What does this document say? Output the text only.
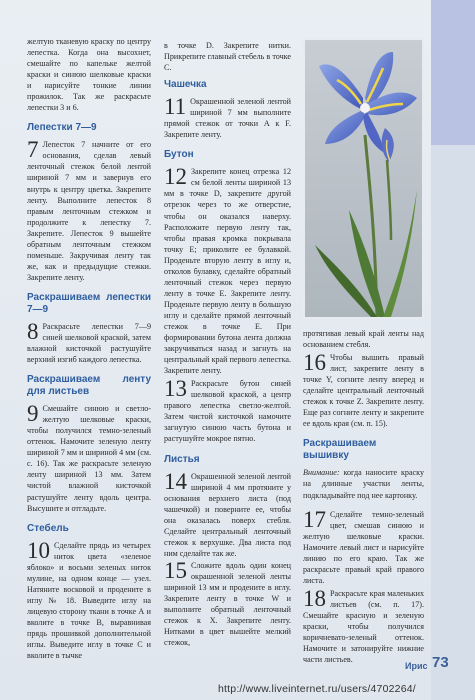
желтую тканевую краску по центру лепестка. Когда она высохнет, смешайте по капельке желтой краски и синюю шелковые краски и нарисуйте тонкие линии прожилок. Так же раскрасьте лепестки 3 и 6.

Лепестки 7—9
7 Лепесток 7 начните от его основания, сделав левый ленточный стежок белой лентой шириной 7 мм и завернув его внутрь к центру цветка. Закрепите ленту. Выполните лепесток 8 правым ленточным стежком и продолжите к лепестку 7. Закрепите. Лепесток 9 вышейте обратным ленточным стежком поменьше. Закручивая ленту так же, как и предыдущие стежки. Закрепите ленту.

Раскрашиваем лепестки 7—9
8 Раскрасьте лепестки 7—9 синей шелковой краской, затем влажной кисточкой растушуйте верхний изгиб каждого лепестка.

Раскрашиваем ленту для листьев
9 Смешайте синюю и светло-желтую шелковые краски, чтобы получился темно-зеленый оттенок. Намочите зеленую ленту шириной 7 мм и шириной 4 мм (см. с. 16). Так же раскрасьте зеленую ленту шириной 13 мм. Затем чистой влажной кисточкой растушуйте ленту вдоль центра. Высушите и отгладьте.

Стебель
10 Сделайте прядь из четырех ниток цвета «зеленое яблоко» и восьми зеленых ниток мулине, на одном конце — узел. Натяните восковой и продените в иглу № 18. Выведите иглу на лицевую сторону ткани в точке А и вколите в точке В, выравнивая прядь прошивкой дополнительной иглы. Выведите иглу в точке С и вколите в тычке

в точке D. Закрепите нитки. Прикрепите главный стебель в точке С.

Чашечка
11 Окрашенной зеленой лентой шириной 7 мм выполните прямой стежок от точки А к F. Закрепите ленту.

Бутон
12 Закрепите конец отрезка 12 см белой ленты шириной 13 мм в точке D, закрепите другой отрезок через то же отверстие, чтобы он оказался наверху. Расположите первую ленту так, чтобы правая кромка покрывала точку Е; приколите ее булавкой. Проденьте вторую ленту в иглу и, отколов булавку, сделайте обратный ленточный стежок через первую ленту в точке Е. Закрепите ленту. Проденьте первую ленту в большую иглу и сделайте прямой ленточный стежок в точке Е. При формировании бутона лента должна закручиваться назад и загнуть на центральный край первого лепестка. Закрепите ленту.

13 Раскрасьте бутон синей шелковой краской, а центр правого лепестка светло-желтой. Затем чистой кисточкой намочите загнутую синюю часть бутона и растушуйте мокрое пятно.

Листья
14 Окрашенной зеленой лентой шириной 4 мм протяните у основания верхнего листа (под чашечкой) и поверните ее, чтобы она оказалась поверх стебля. Сделайте центральный ленточный стежок к верхушке. Два листа под ним сделайте так же.

15 Сложите вдоль один конец окрашенной зеленой ленты шириной 13 мм и продените в иглу. Закрепите ленту в точке W и выполните обратный ленточный стежок к X. Закрепите ленту. Нитками в цвет вышейте мелкий стежок,

протягивая левый край ленты над основанием стебля.

16 Чтобы вышить правый лист, закрепите ленту в точке Y, согните ленту вперед и сделайте центральный ленточный стежок к точке Z. Закрепите ленту. Еще раз согните ленту и закрепите ее вдоль края (см. п. 15).

Раскрашиваем вышивку

Внимание: когда наносите краску на длинные участки ленты, подкладывайте под нее картонку.

17 Сделайте темно-зеленый цвет, смешав синюю и желтую шелковые краски. Намочите левый лист и нарисуйте линию по его краю. Так же раскрасьте правый край правого листа.

18 Раскрасьте края маленьких листьев (см. п. 17). Смешайте красную и зеленую краски, чтобы получился коричневато-зеленый оттенок. Намочите и затонируйте нижние части листьев.

Ирис 73
http://www.liveinternet.ru/users/4702264/
